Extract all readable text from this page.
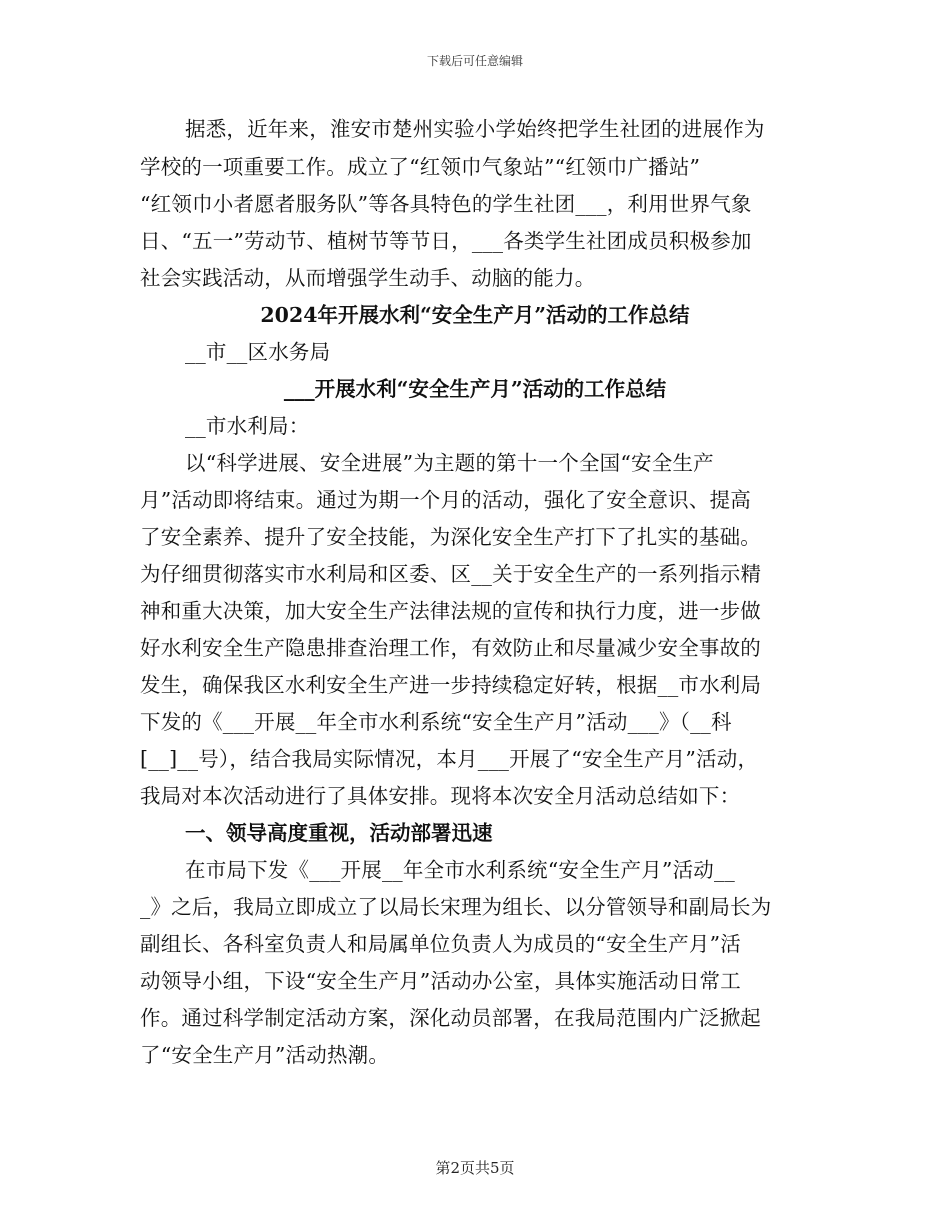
下载后可任意编辑
据悉，近年来，淮安市楚州实验小学始终把学生社团的进展作为
学校的一项重要工作。成立了“红领巾气象站”“红领巾广播站”
“红领巾小者愿者服务队”等各具特色的学生社团___，利用世界气象
日、“五一”劳动节、植树节等节日，___各类学生社团成员积极参加
社会实践活动，从而增强学生动手、动脑的能力。
2024年开展水利“安全生产月”活动的工作总结
__市__区水务局
___开展水利“安全生产月”活动的工作总结
__市水利局：
以“科学进展、安全进展”为主题的第十一个全国“安全生产
月”活动即将结束。通过为期一个月的活动，强化了安全意识、提高
了安全素养、提升了安全技能，为深化安全生产打下了扎实的基础。
为仔细贯彻落实市水利局和区委、区__关于安全生产的一系列指示精
神和重大决策，加大安全生产法律法规的宣传和执行力度，进一步做
好水利安全生产隐患排查治理工作，有效防止和尽量减少安全事故的
发生，确保我区水利安全生产进一步持续稳定好转，根据__市水利局
下发的《___开展__年全市水利系统“安全生产月”活动___》（__科
[__]__号），结合我局实际情况，本月___开展了“安全生产月”活动，
我局对本次活动进行了具体安排。现将本次安全月活动总结如下：
一、领导高度重视，活动部署迅速
在市局下发《___开展__年全市水利系统“安全生产月”活动__
_》之后，我局立即成立了以局长宋理为组长、以分管领导和副局长为
副组长、各科室负责人和局属单位负责人为成员的“安全生产月”活
动领导小组，下设“安全生产月”活动办公室，具体实施活动日常工
作。通过科学制定活动方案，深化动员部署，在我局范围内广泛掀起
了“安全生产月”活动热潮。
第2页共5页
